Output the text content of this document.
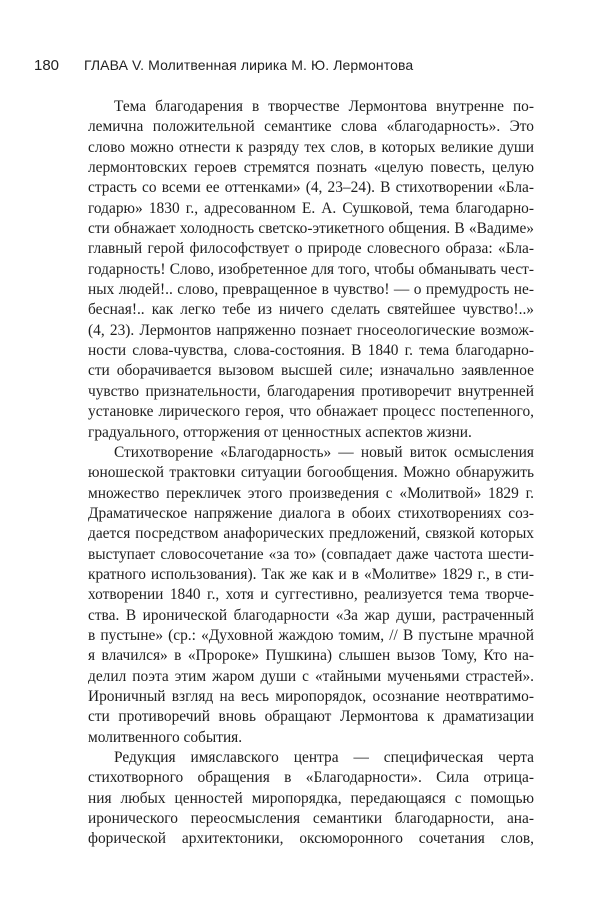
180	ГЛАВА V. Молитвенная лирика М. Ю. Лермонтова
Тема благодарения в творчестве Лермонтова внутренне по-
лемична положительной семантике слова «благодарность». Это
слово можно отнести к разряду тех слов, в которых великие души
лермонтовских героев стремятся познать «целую повесть, целую
страсть со всеми ее оттенками» (4, 23–24). В стихотворении «Бла-
годарю» 1830 г., адресованном Е. А. Сушковой, тема благодарно-
сти обнажает холодность светско-этикетного общения. В «Вадиме»
главный герой философствует о природе словесного образа: «Бла-
годарность! Слово, изобретенное для того, чтобы обманывать чест-
ных людей!.. слово, превращенное в чувство! — о премудрость не-
бесная!.. как легко тебе из ничего сделать святейшее чувство!..»
(4, 23). Лермонтов напряженно познает гносеологические возмож-
ности слова-чувства, слова-состояния. В 1840 г. тема благодарно-
сти оборачивается вызовом высшей силе; изначально заявленное
чувство признательности, благодарения противоречит внутренней
установке лирического героя, что обнажает процесс постепенного,
градуального, отторжения от ценностных аспектов жизни.
Стихотворение «Благодарность» — новый виток осмысления
юношеской трактовки ситуации богообщения. Можно обнаружить
множество перекличек этого произведения с «Молитвой» 1829 г.
Драматическое напряжение диалога в обоих стихотворениях соз-
дается посредством анафорических предложений, связкой которых
выступает словосочетание «за то» (совпадает даже частота шести-
кратного использования). Так же как и в «Молитве» 1829 г., в сти-
хотворении 1840 г., хотя и суггестивно, реализуется тема творче-
ства. В иронической благодарности «За жар души, растраченный
в пустыне» (ср.: «Духовной жаждою томим, // В пустыне мрачной
я влачился» в «Пророке» Пушкина) слышен вызов Тому, Кто на-
делил поэта этим жаром души с «тайными мученьями страстей».
Ироничный взгляд на весь миропорядок, осознание неотвратимо-
сти противоречий вновь обращают Лермонтова к драматизации
молитвенного события.
Редукция имяславского центра — специфическая черта
стихотворного обращения в «Благодарности». Сила отрица-
ния любых ценностей миропорядка, передающаяся с помощью
иронического переосмысления семантики благодарности, ана-
форической архитектоники, оксюморонного сочетания слов,
